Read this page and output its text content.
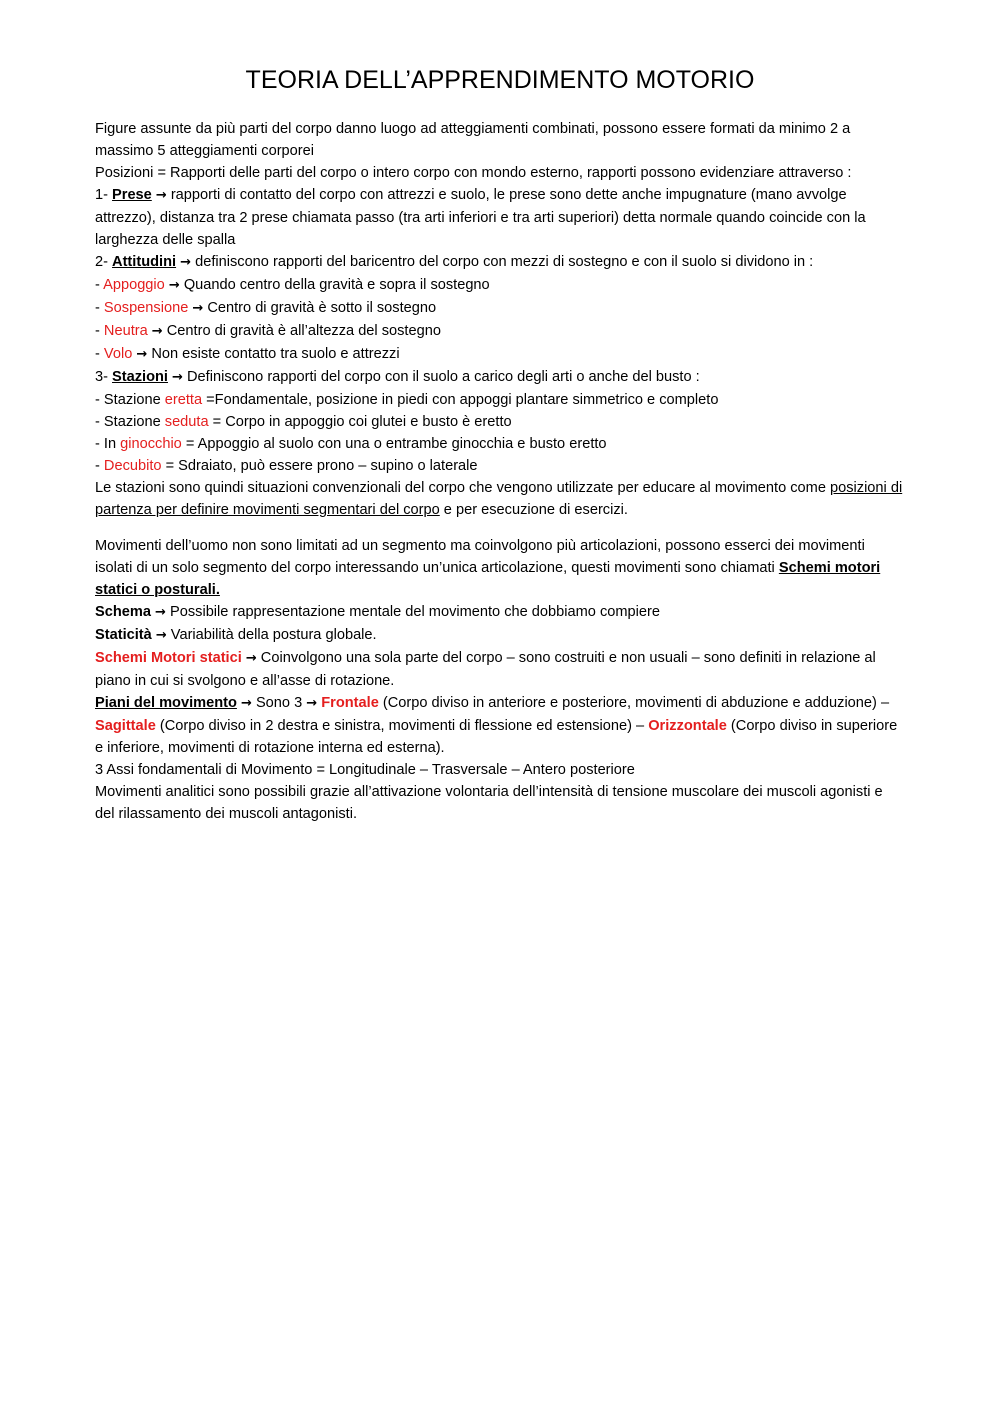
TEORIA DELL’APPRENDIMENTO MOTORIO

Figure assunte da più parti del corpo danno luogo ad atteggiamenti combinati, possono essere formati da minimo 2 a massimo 5 atteggiamenti corporei

Posizioni = Rapporti delle parti del corpo o intero corpo con mondo esterno, rapporti possono evidenziare attraverso :

1- Prese → rapporti di contatto del corpo con attrezzi e suolo, le prese sono dette anche impugnature (mano avvolge attrezzo), distanza tra 2 prese chiamata passo (tra arti inferiori e tra arti superiori) detta normale quando coincide con la larghezza delle spalla

2- Attitudini → definiscono rapporti del baricentro del corpo con mezzi di sostegno e con il suolo si dividono in :

- Appoggio → Quando centro della gravità e sopra il sostegno

- Sospensione → Centro di gravità è sotto il sostegno

- Neutra → Centro di gravità è all’altezza del sostegno

- Volo → Non esiste contatto tra suolo e attrezzi

3- Stazioni → Definiscono rapporti del corpo con il suolo a carico degli arti o anche del busto :

- Stazione eretta =Fondamentale, posizione in piedi con appoggi plantare simmetrico e completo

- Stazione seduta = Corpo in appoggio coi glutei e busto è eretto

- In ginocchio = Appoggio al suolo con una o entrambe ginocchia e busto eretto

- Decubito = Sdraiato, può essere prono – supino o laterale

Le stazioni sono quindi situazioni convenzionali del corpo che vengono utilizzate per educare al movimento come posizioni di partenza per definire movimenti segmentari del corpo e per esecuzione di esercizi.

Movimenti dell’uomo non sono limitati ad un segmento ma coinvolgono più articolazioni, possono esserci dei movimenti isolati di un solo segmento del corpo interessando un’unica articolazione, questi movimenti sono chiamati Schemi motori statici o posturali.

Schema → Possibile rappresentazione mentale del movimento che dobbiamo compiere

Staticità → Variabilità della postura globale.

Schemi Motori statici → Coinvolgono una sola parte del corpo – sono costruiti e non usuali – sono definiti in relazione al piano in cui si svolgono e all’asse di rotazione.

Piani del movimento → Sono 3 → Frontale (Corpo diviso in anteriore e posteriore, movimenti di abduzione e adduzione) – Sagittale (Corpo diviso in 2 destra e sinistra, movimenti di flessione ed estensione) – Orizzontale (Corpo diviso in superiore e inferiore, movimenti di rotazione interna ed esterna).

3 Assi fondamentali di Movimento = Longitudinale – Trasversale – Antero posteriore

Movimenti analitici sono possibili grazie all’attivazione volontaria dell’intensità di tensione muscolare dei muscoli agonisti e del rilassamento dei muscoli antagonisti.
